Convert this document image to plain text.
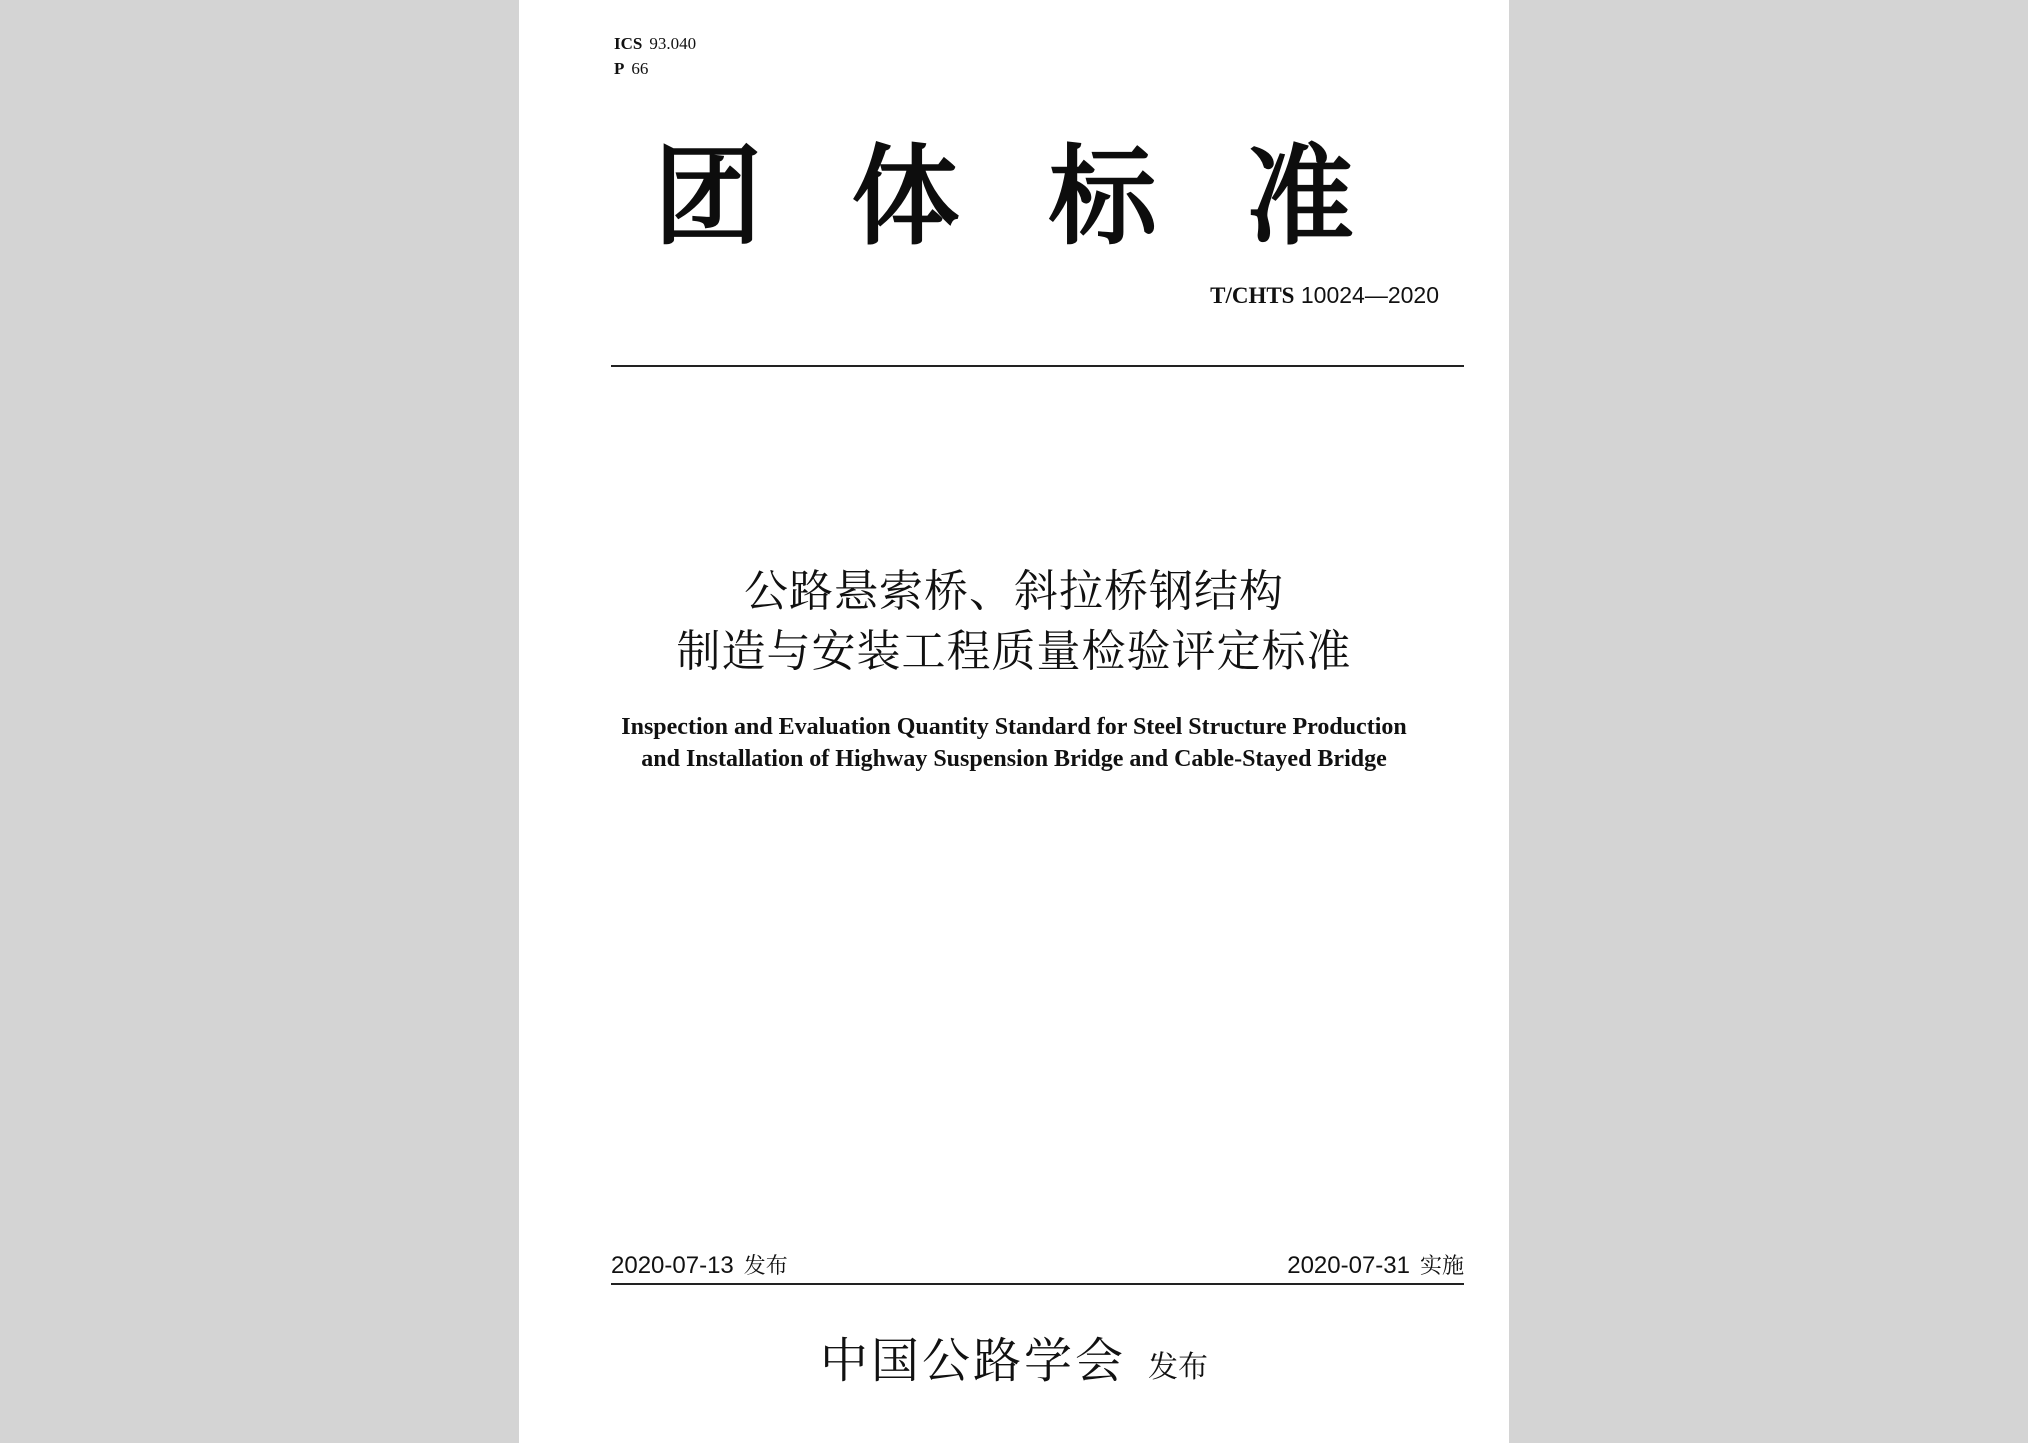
ICS 93.040
P 66
团 体 标 准
T/CHTS 10024—2020
公路悬索桥、斜拉桥钢结构
制造与安装工程质量检验评定标准
Inspection and Evaluation Quantity Standard for Steel Structure Production
and Installation of Highway Suspension Bridge and Cable-Stayed Bridge
2020-07-13 发布	2020-07-31 实施
中国公路学会 发布
